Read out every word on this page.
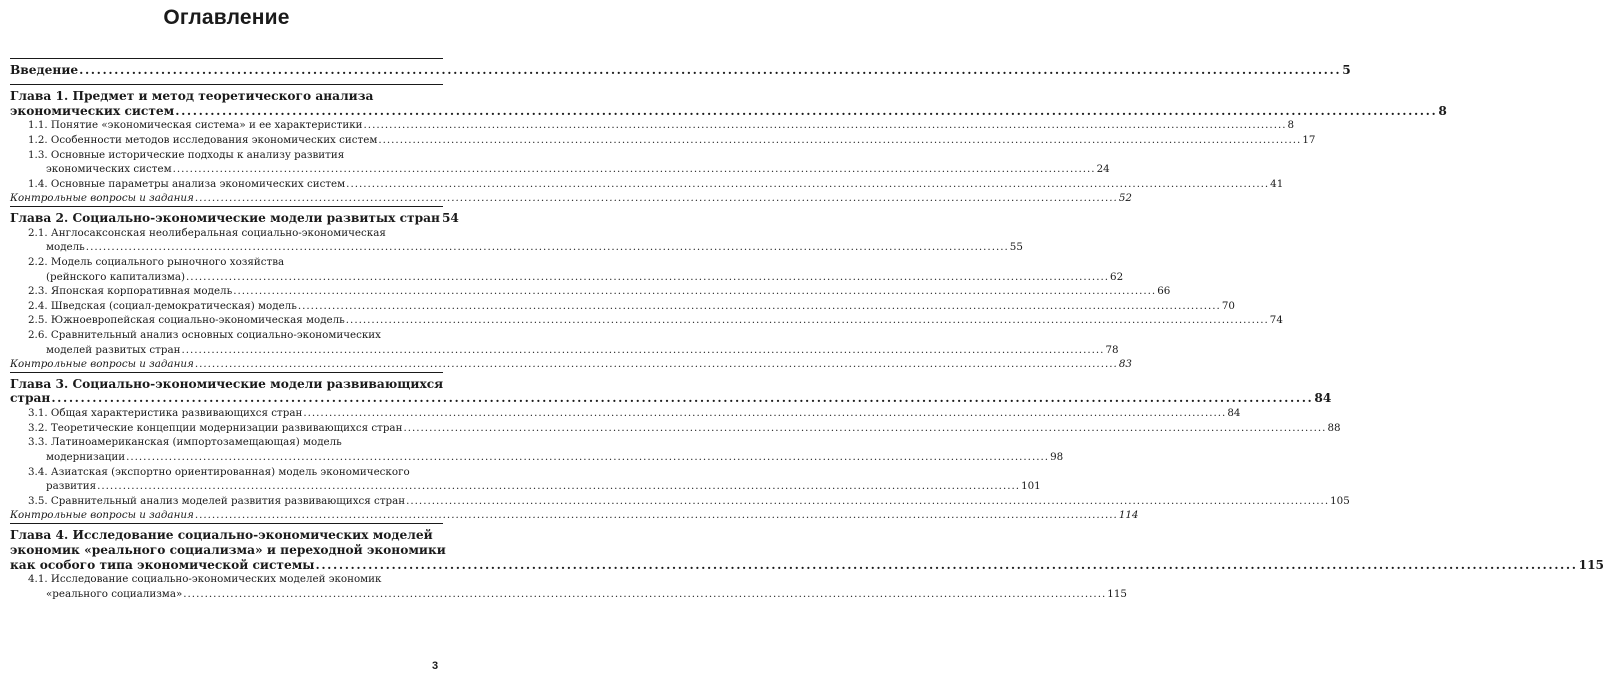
Оглавление
Введение .....	5
Глава 1. Предмет и метод теоретического анализа
экономических систем .....	8
1.1. Понятие «экономическая система» и ее характеристики .....	8
1.2. Особенности методов исследования экономических систем .....	17
1.3. Основные исторические подходы к анализу развития
экономических систем .....	24
1.4. Основные параметры анализа экономических систем .....	41
Контрольные вопросы и задания .....	52
Глава 2. Социально-экономические модели развитых стран 54
2.1. Англосаксонская неолиберальная социально-экономическая
модель .....	55
2.2. Модель социального рыночного хозяйства
(рейнского капитализма) .....	62
2.3. Японская корпоративная модель .....	66
2.4. Шведская (социал-демократическая) модель .....	70
2.5. Южноевропейская социально-экономическая модель .....	74
2.6. Сравнительный анализ основных социально-экономических
моделей развитых стран .....	78
Контрольные вопросы и задания .....	83
Глава 3. Социально-экономические модели развивающихся
стран .....	84
3.1. Общая характеристика развивающихся стран .....	84
3.2. Теоретические концепции модернизации развивающихся стран .....	88
3.3. Латиноамериканская (импортозамещающая) модель
модернизации .....	98
3.4. Азиатская (экспортно ориентированная) модель экономического
развития .....	101
3.5. Сравнительный анализ моделей развития развивающихся стран .....	105
Контрольные вопросы и задания .....	114
Глава 4. Исследование социально-экономических моделей
экономик «реального социализма» и переходной экономики
как особого типа экономической системы .....	115
4.1. Исследование социально-экономических моделей экономик
«реального социализма» .....	115
3
